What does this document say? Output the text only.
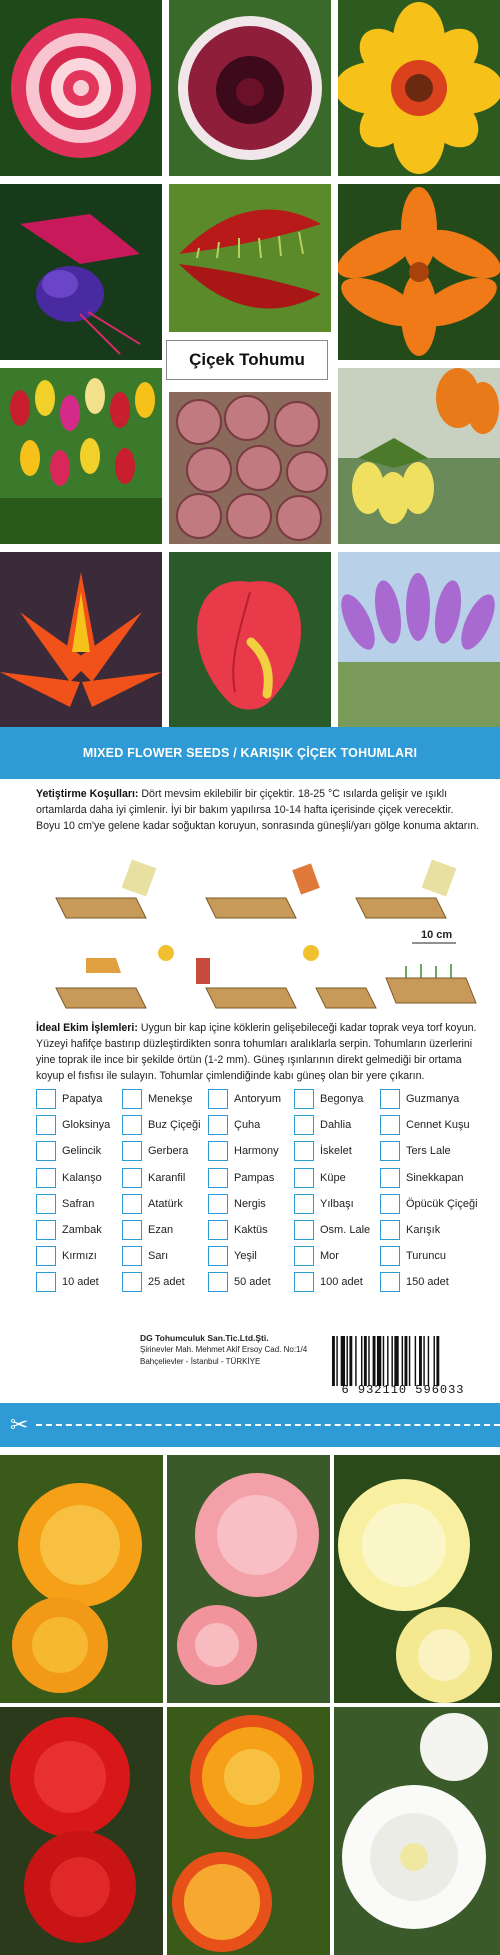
Çiçek Tohumu
MIXED FLOWER SEEDS / KARIŞIK ÇİÇEK TOHUMLARI
Yetiştirme Koşulları: Dört mevsim ekilebilir bir çiçektir. 18-25 °C ısılarda gelişir ve ışıklı ortamlarda daha iyi çimlenir. İyi bir bakım yapılırsa 10-14 hafta içerisinde çiçek verecektir. Boyu 10 cm'ye gelene kadar soğuktan koruyun, sonrasında güneşli/yarı gölge konuma aktarın.
10 cm
İdeal Ekim İşlemleri: Uygun bir kap içine köklerin gelişebileceği kadar toprak veya torf koyun. Yüzeyi hafifçe bastırıp düzleştirdikten sonra tohumları aralıklarla serpin. Tohumların üzerlerini yine toprak ile ince bir şekilde örtün (1-2 mm). Güneş ışınlarının direkt gelmediği bir ortama koyup el fısfısı ile sulayın. Tohumlar çimlendiğinde kabı güneş olan bir yere çıkarın.
Papatya	Menekşe	Antoryum	Begonya	Guzmanya
Gloksinya	Buz Çiçeği	Çuha	Dahlia	Cennet Kuşu
Gelincik	Gerbera	Harmony	İskelet	Ters Lale
Kalanşo	Karanfil	Pampas	Küpe	Sinekkapan
Safran	Atatürk	Nergis	Yılbaşı	Öpücük Çiçeği
Zambak	Ezan	Kaktüs	Osm. Lale	Karışık
Kırmızı	Sarı	Yeşil	Mor	Turuncu
10 adet	25 adet	50 adet	100 adet	150 adet
DG Tohumculuk San.Tic.Ltd.Şti.
Şirinevler Mah. Mehmet Akif Ersoy Cad. No:1/4
Bahçelievler - İstanbul - TÜRKİYE
6 932110 596033
✂
